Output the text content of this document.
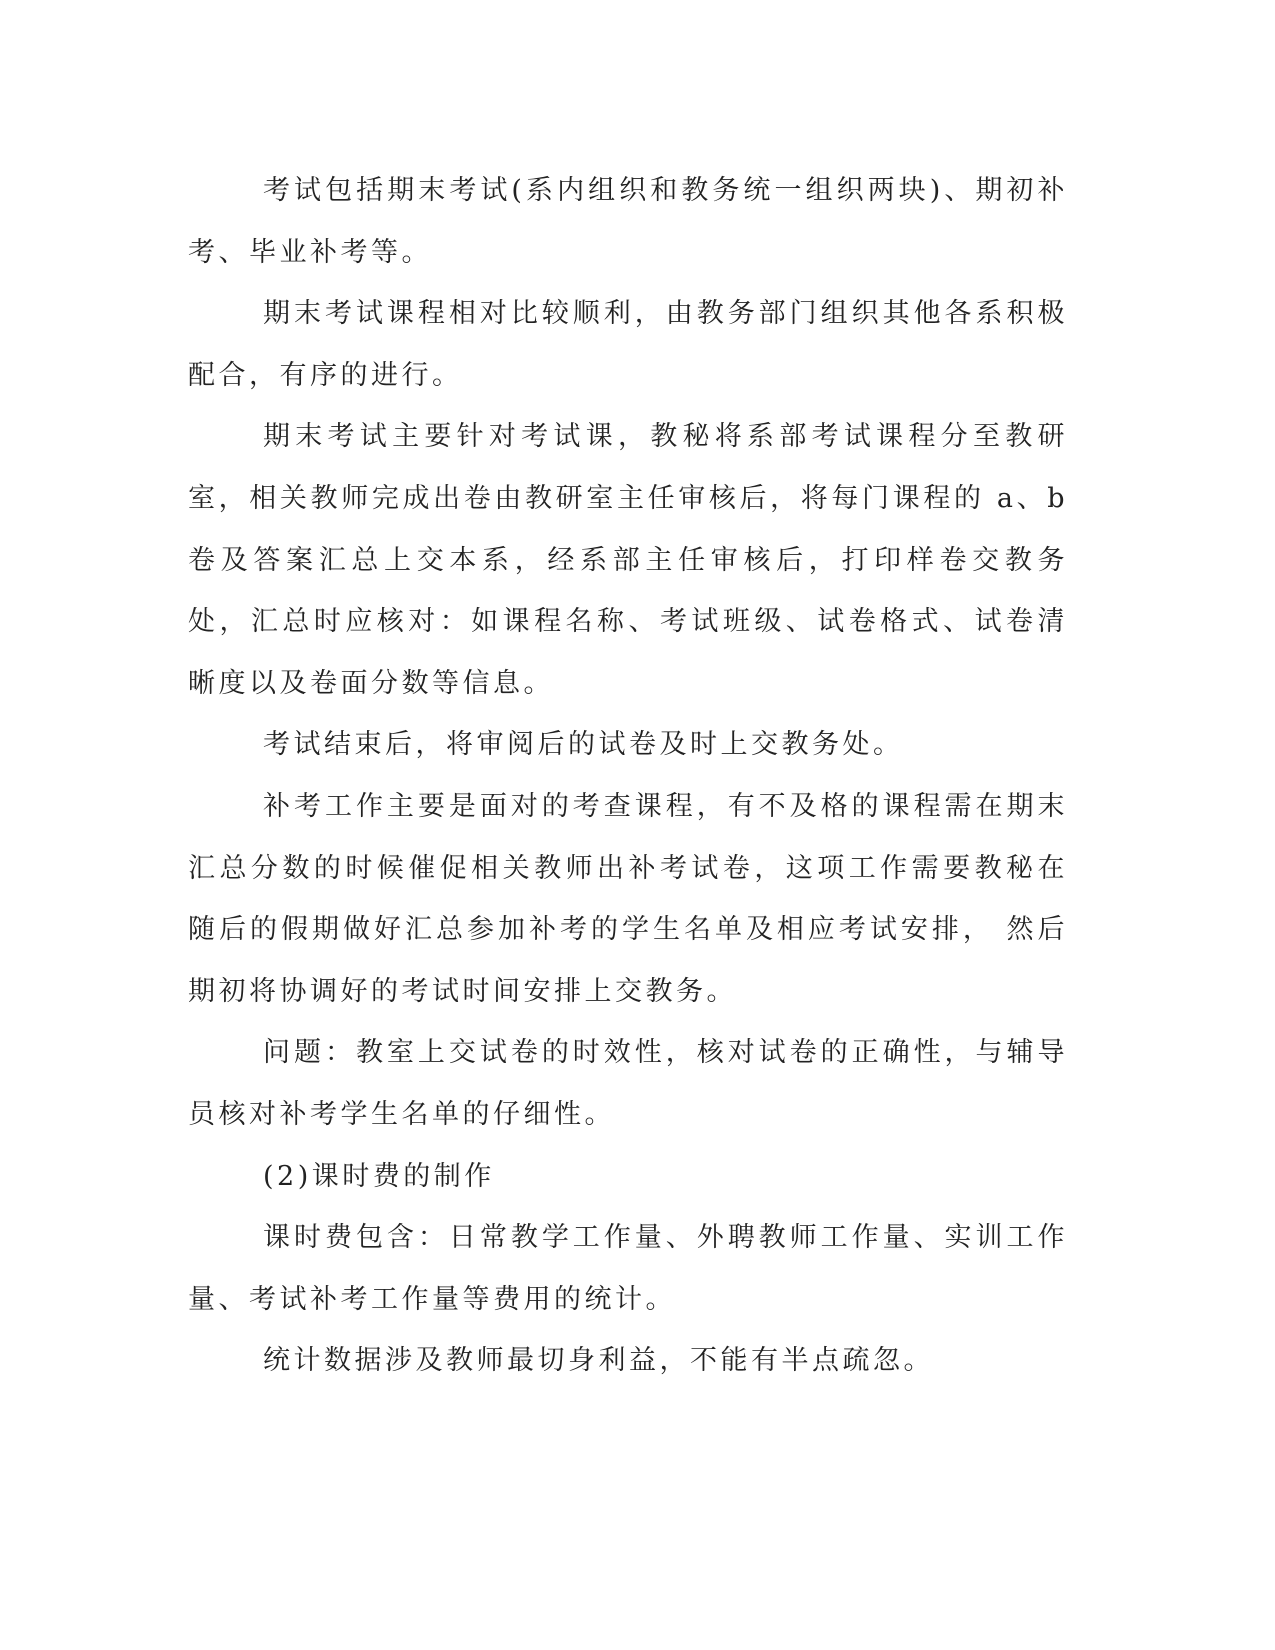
考试包括期末考试(系内组织和教务统一组织两块)、期初补考、毕业补考等。

期末考试课程相对比较顺利，由教务部门组织其他各系积极配合，有序的进行。

期末考试主要针对考试课，教秘将系部考试课程分至教研室，相关教师完成出卷由教研室主任审核后，将每门课程的 a、b 卷及答案汇总上交本系，经系部主任审核后，打印样卷交教务处，汇总时应核对：如课程名称、考试班级、试卷格式、试卷清晰度以及卷面分数等信息。

考试结束后，将审阅后的试卷及时上交教务处。

补考工作主要是面对的考查课程，有不及格的课程需在期末汇总分数的时候催促相关教师出补考试卷，这项工作需要教秘在随后的假期做好汇总参加补考的学生名单及相应考试安排， 然后期初将协调好的考试时间安排上交教务。

问题：教室上交试卷的时效性，核对试卷的正确性，与辅导员核对补考学生名单的仔细性。

(2)课时费的制作

课时费包含：日常教学工作量、外聘教师工作量、实训工作量、考试补考工作量等费用的统计。

统计数据涉及教师最切身利益，不能有半点疏忽。
